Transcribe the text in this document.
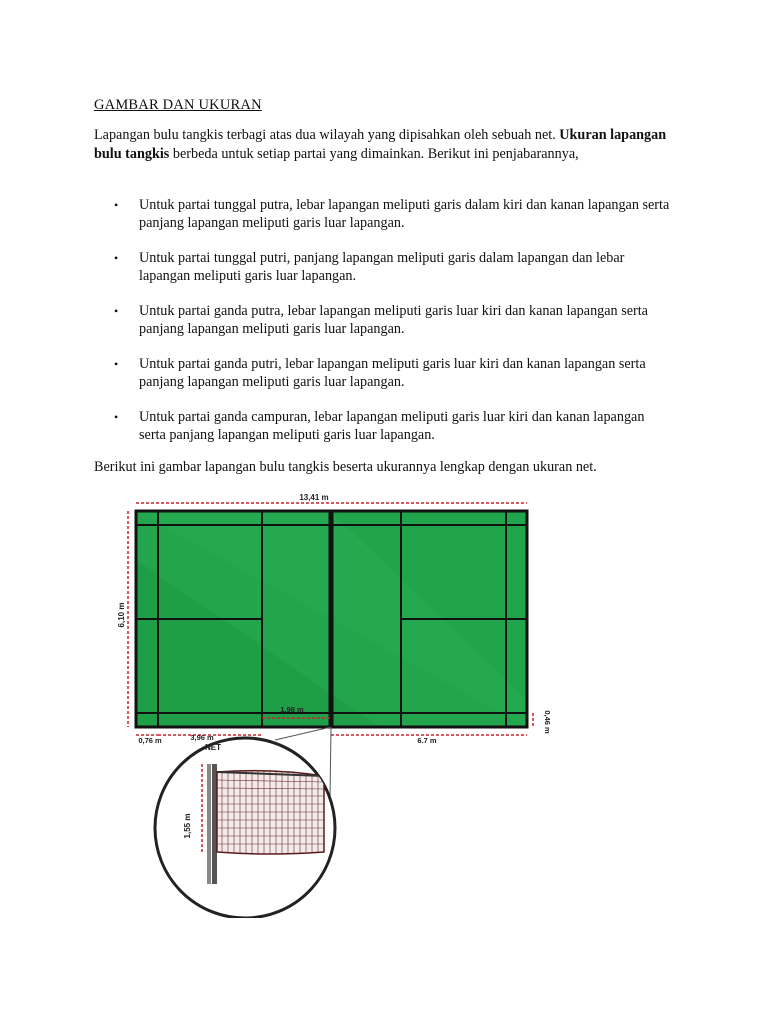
GAMBAR DAN UKURAN
Lapangan bulu tangkis terbagi atas dua wilayah yang dipisahkan oleh sebuah net. Ukuran lapangan bulu tangkis berbeda untuk setiap partai yang dimainkan. Berikut ini penjabarannya,
• Untuk partai tunggal putra, lebar lapangan meliputi garis dalam kiri dan kanan lapangan serta panjang lapangan meliputi garis luar lapangan.
• Untuk partai tunggal putri, panjang lapangan meliputi garis dalam lapangan dan lebar lapangan meliputi garis luar lapangan.
• Untuk partai ganda putra, lebar lapangan meliputi garis luar kiri dan kanan lapangan serta panjang lapangan meliputi garis luar lapangan.
• Untuk partai ganda putri, lebar lapangan meliputi garis luar kiri dan kanan lapangan serta panjang lapangan meliputi garis luar lapangan.
• Untuk partai ganda campuran, lebar lapangan meliputi garis luar kiri dan kanan lapangan serta panjang lapangan meliputi garis luar lapangan.
Berikut ini gambar lapangan bulu tangkis beserta ukurannya lengkap dengan ukuran net.
13,41 m
6,10 m
1,98 m
0,46 m
0,76 m	3,96 m	6.7 m
NET
1,55 m
